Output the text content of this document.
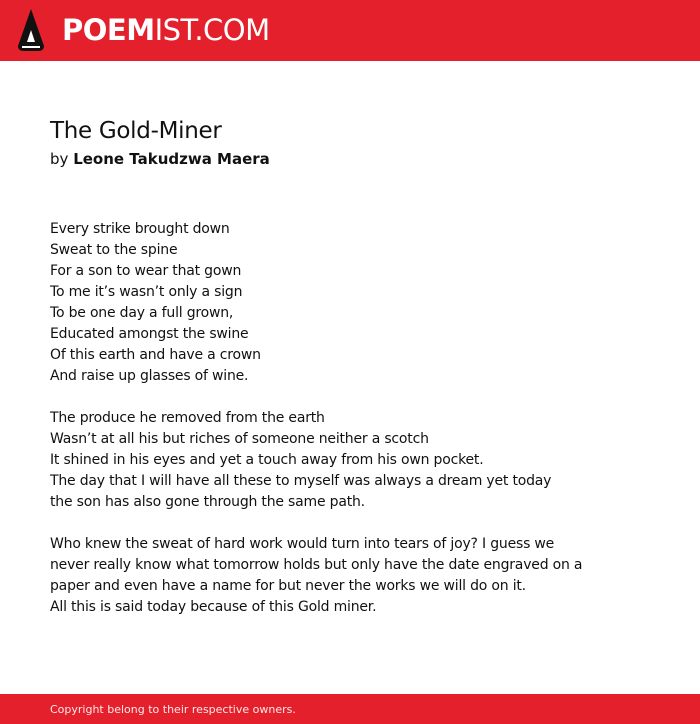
POEMIST.COM
The Gold-Miner
by Leone Takudzwa Maera
Every strike brought down
Sweat to the spine
For a son to wear that gown
To me it’s wasn’t only a sign
To be one day a full grown,
Educated amongst the swine
Of this earth and have a crown
And raise up glasses of wine.
The produce he removed from the earth
Wasn’t at all his but riches of someone neither a scotch
It shined in his eyes and yet a touch away from his own pocket.
The day that I will have all these to myself was always a dream yet today
the son has also gone through the same path.
Who knew the sweat of hard work would turn into tears of joy? I guess we
never really know what tomorrow holds but only have the date engraved on a
paper and even have a name for but never the works we will do on it.
All this is said today because of this Gold miner.
Copyright belong to their respective owners.
